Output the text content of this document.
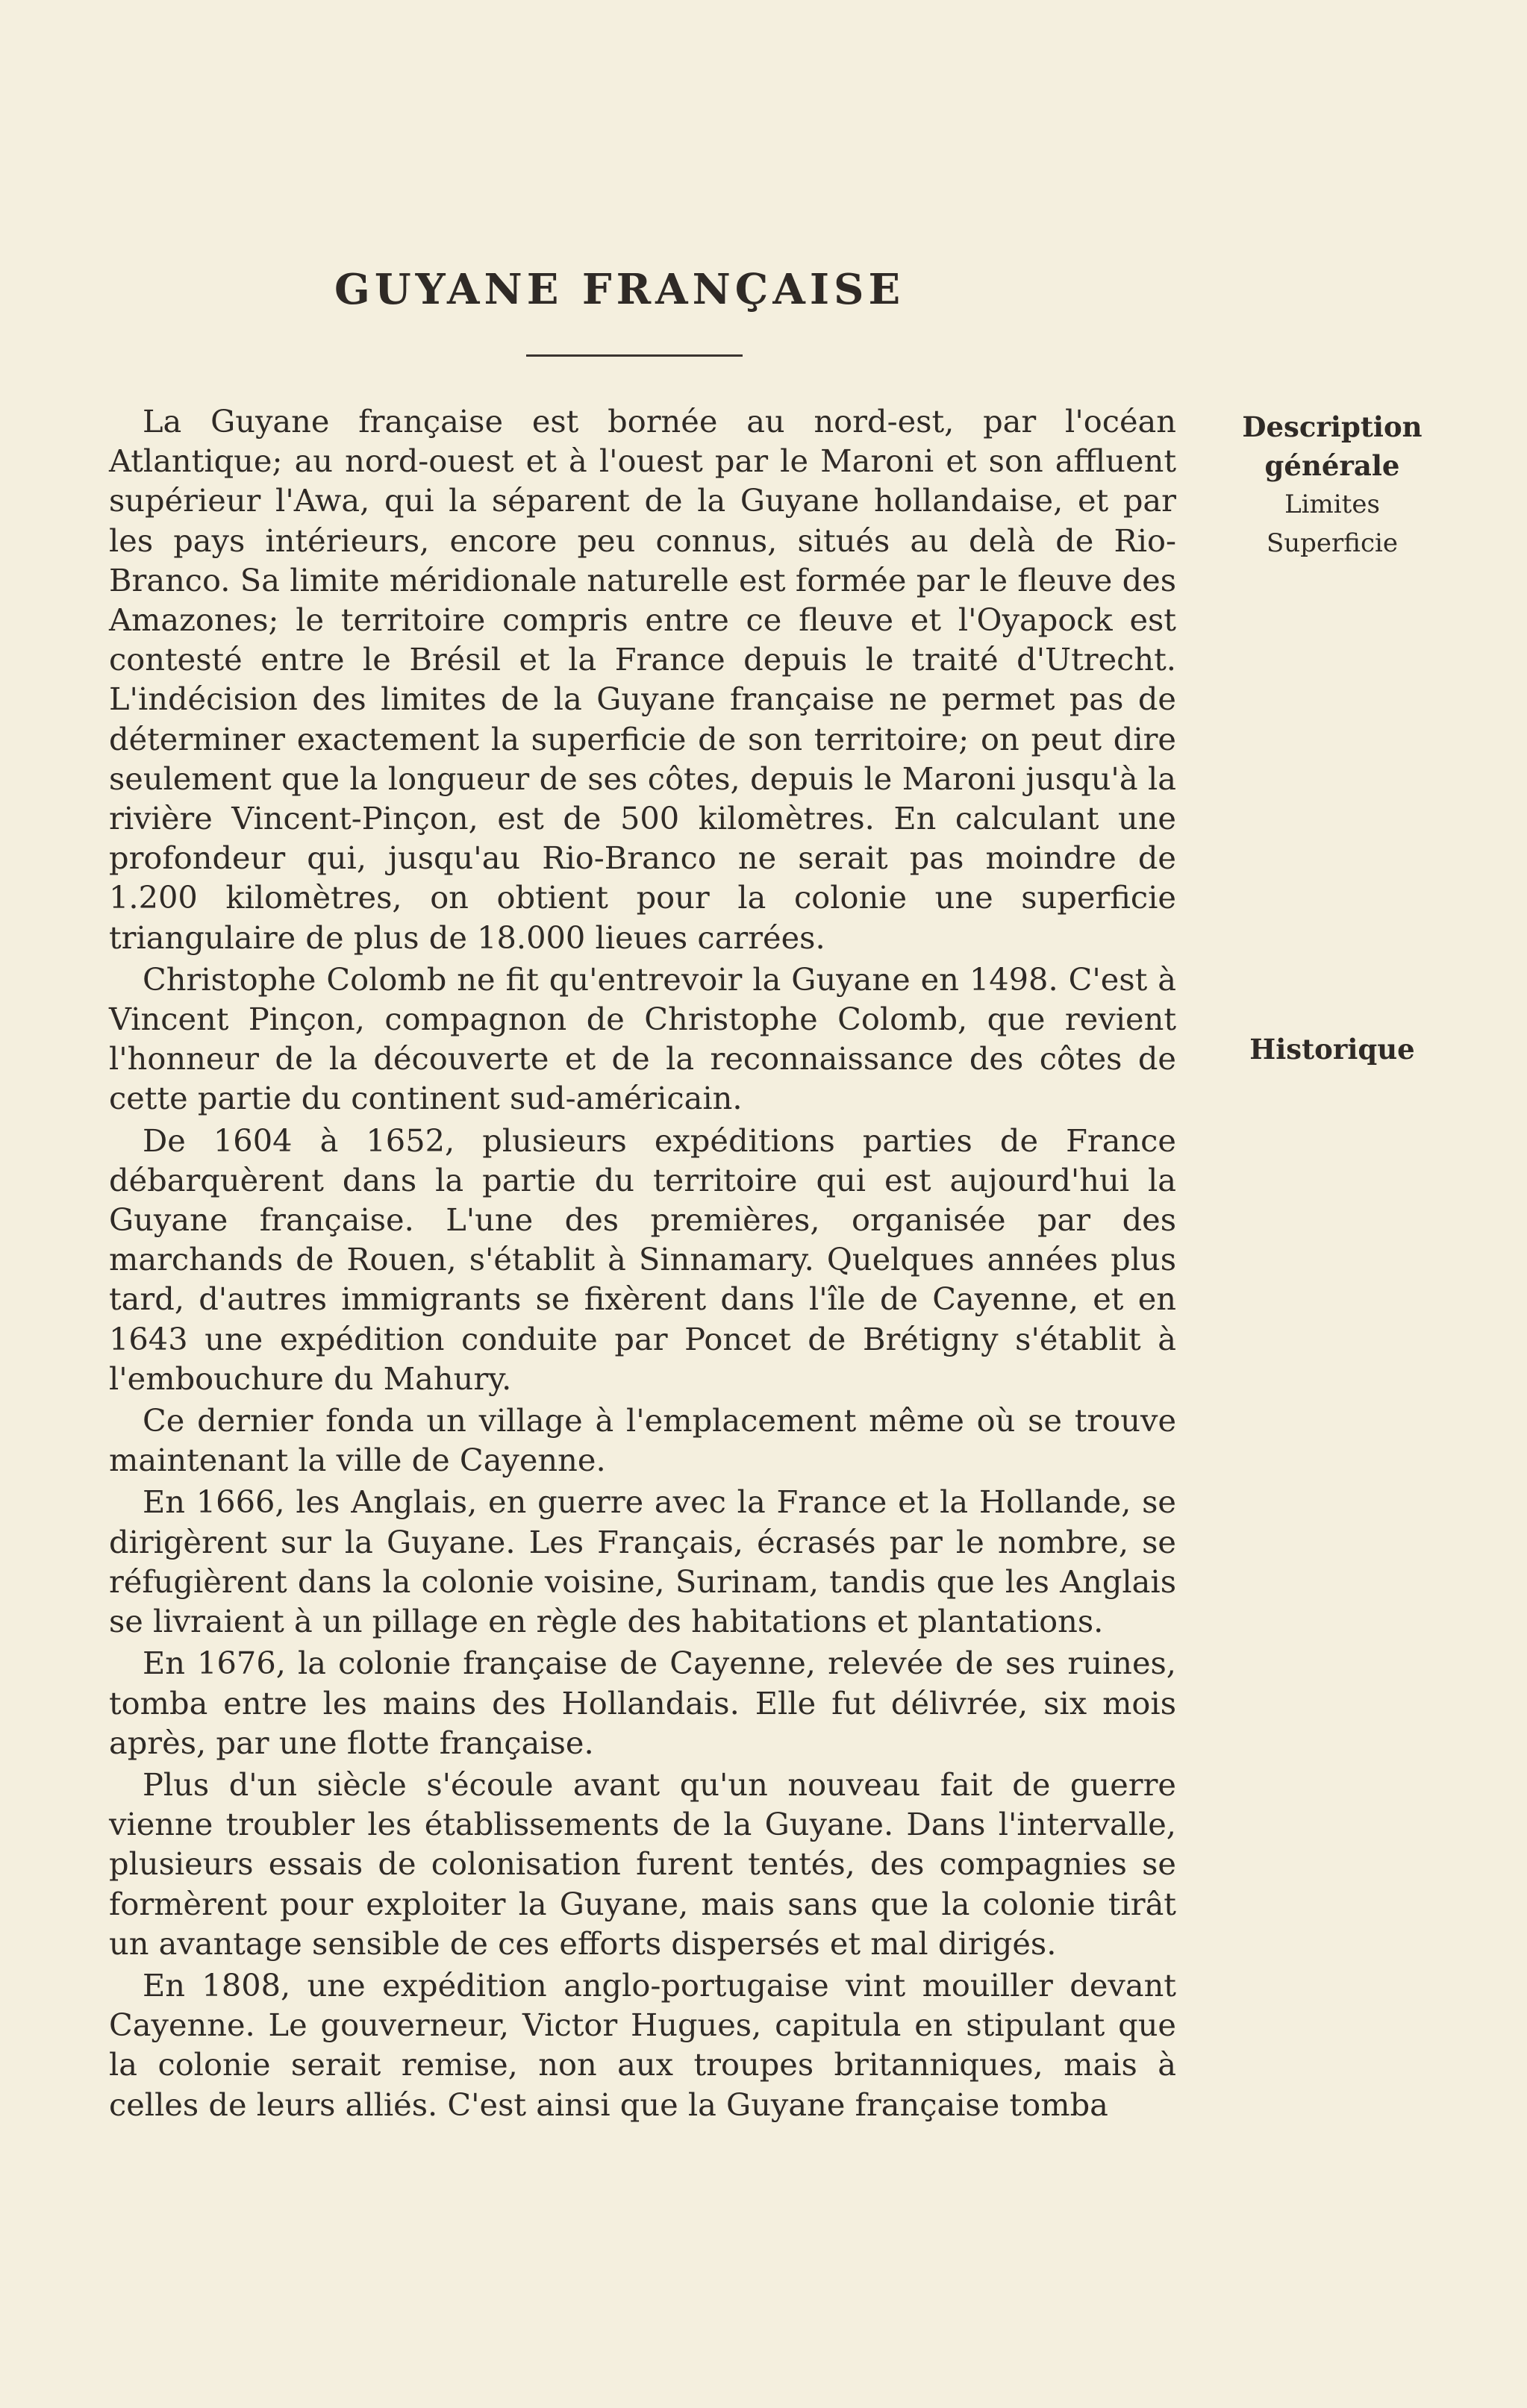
GUYANE FRANÇAISE
Description
générale
Limites
Superficie
Historique

La Guyane française est bornée au nord-est, par l'océan Atlantique; au nord-ouest et à l'ouest par le Maroni et son affluent supérieur l'Awa, qui la séparent de la Guyane hollandaise, et par les pays intérieurs, encore peu connus, situés au delà de Rio-Branco. Sa limite méridionale naturelle est formée par le fleuve des Amazones; le territoire compris entre ce fleuve et l'Oyapock est contesté entre le Brésil et la France depuis le traité d'Utrecht. L'indécision des limites de la Guyane française ne permet pas de déterminer exactement la superficie de son territoire; on peut dire seulement que la longueur de ses côtes, depuis le Maroni jusqu'à la rivière Vincent-Pinçon, est de 500 kilomètres. En calculant une profondeur qui, jusqu'au Rio-Branco ne serait pas moindre de 1.200 kilomètres, on obtient pour la colonie une superficie triangulaire de plus de 18.000 lieues carrées.

Christophe Colomb ne fit qu'entrevoir la Guyane en 1498. C'est à Vincent Pinçon, compagnon de Christophe Colomb, que revient l'honneur de la découverte et de la reconnaissance des côtes de cette partie du continent sud-américain.

De 1604 à 1652, plusieurs expéditions parties de France débarquèrent dans la partie du territoire qui est aujourd'hui la Guyane française. L'une des premières, organisée par des marchands de Rouen, s'établit à Sinnamary. Quelques années plus tard, d'autres immigrants se fixèrent dans l'île de Cayenne, et en 1643 une expédition conduite par Poncet de Brétigny s'établit à l'embouchure du Mahury.

Ce dernier fonda un village à l'emplacement même où se trouve maintenant la ville de Cayenne.

En 1666, les Anglais, en guerre avec la France et la Hollande, se dirigèrent sur la Guyane. Les Français, écrasés par le nombre, se réfugièrent dans la colonie voisine, Surinam, tandis que les Anglais se livraient à un pillage en règle des habitations et plantations.

En 1676, la colonie française de Cayenne, relevée de ses ruines, tomba entre les mains des Hollandais. Elle fut délivrée, six mois après, par une flotte française.

Plus d'un siècle s'écoule avant qu'un nouveau fait de guerre vienne troubler les établissements de la Guyane. Dans l'intervalle, plusieurs essais de colonisation furent tentés, des compagnies se formèrent pour exploiter la Guyane, mais sans que la colonie tirât un avantage sensible de ces efforts dispersés et mal dirigés.

En 1808, une expédition anglo-portugaise vint mouiller devant Cayenne. Le gouverneur, Victor Hugues, capitula en stipulant que la colonie serait remise, non aux troupes britanniques, mais à celles de leurs alliés. C'est ainsi que la Guyane française tomba
